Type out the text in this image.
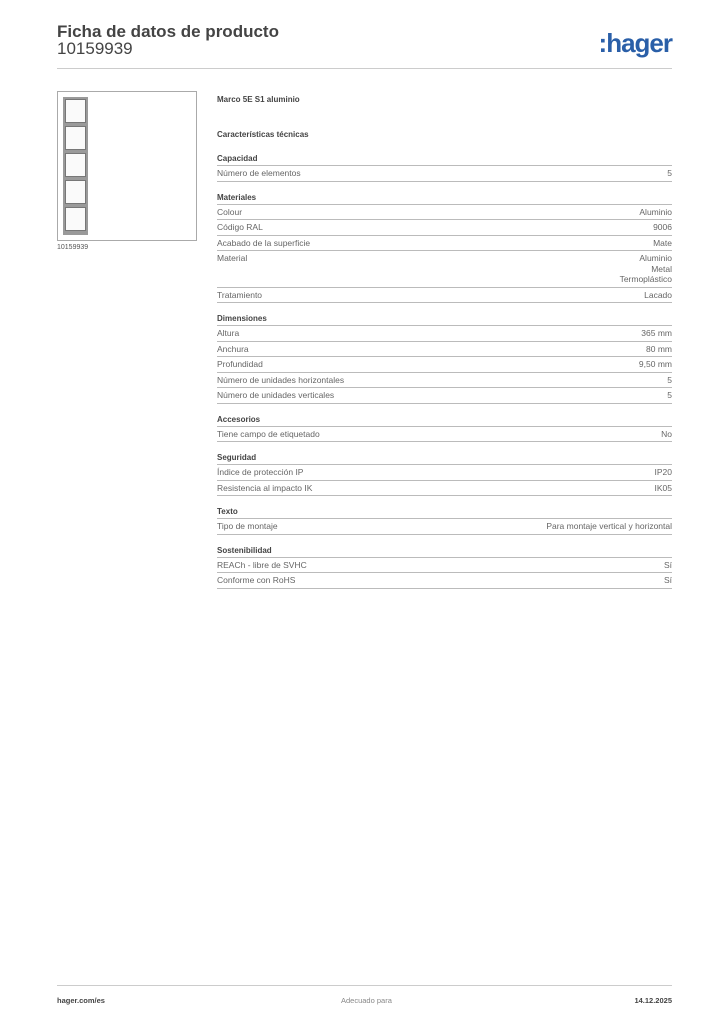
Ficha de datos de producto
10159939	:hager
10159939
Marco 5E S1 aluminio
Características técnicas
Capacidad
Número de elementos	5
Materiales
Colour	Aluminio
Código RAL	9006
Acabado de la superficie	Mate
Material	Aluminio
Metal
Termoplástico
Tratamiento	Lacado
Dimensiones
Altura	365 mm
Anchura	80 mm
Profundidad	9,50 mm
Número de unidades horizontales	5
Número de unidades verticales	5
Accesorios
Tiene campo de etiquetado	No
Seguridad
Índice de protección IP	IP20
Resistencia al impacto IK	IK05
Texto
Tipo de montaje	Para montaje vertical y horizontal
Sostenibilidad
REACh - libre de SVHC	Sí
Conforme con RoHS	Sí
hager.com/es	Adecuado para	14.12.2025
